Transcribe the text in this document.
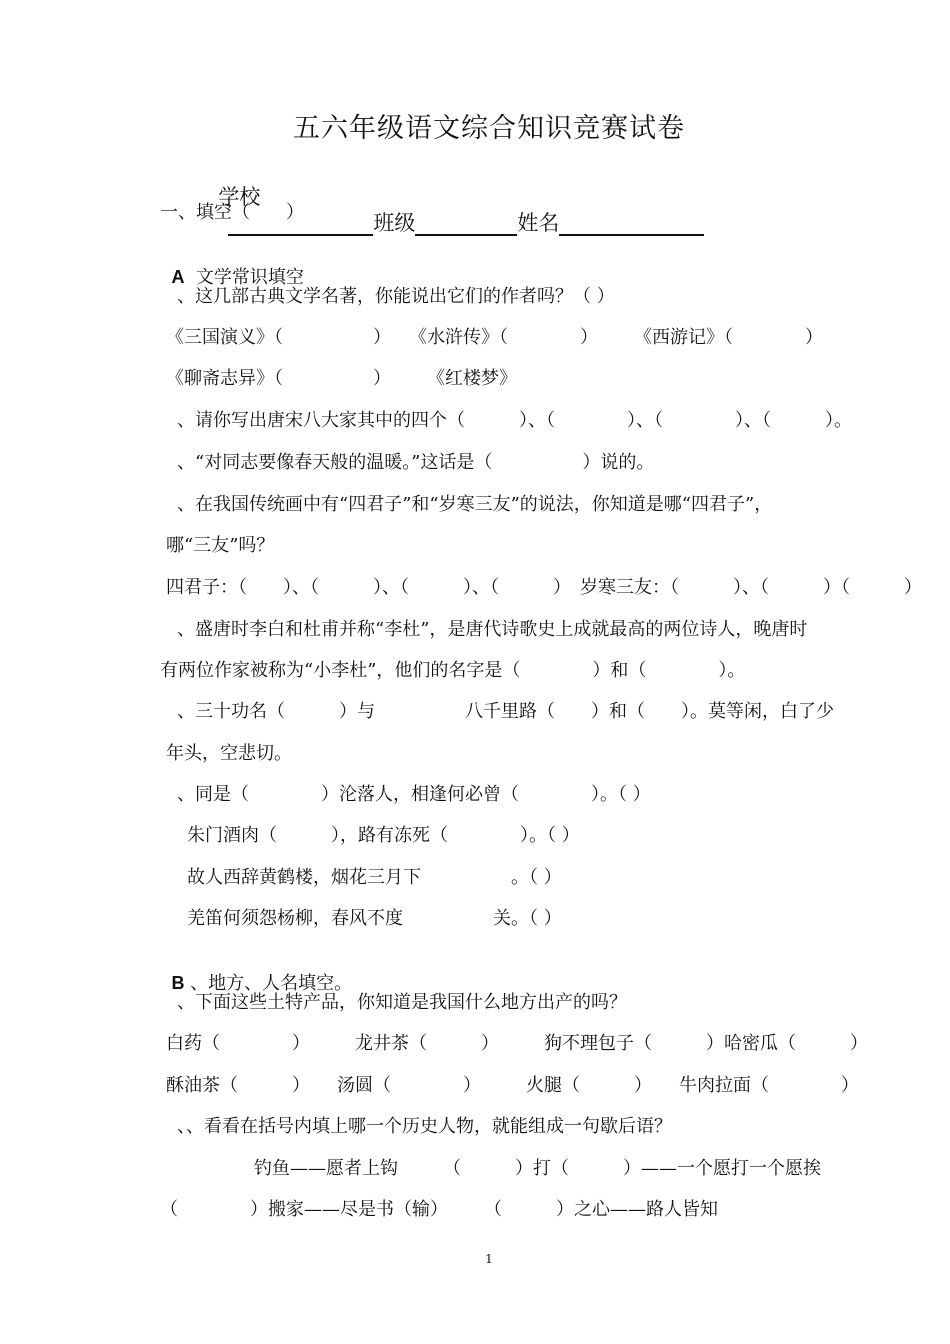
五六年级语文综合知识竞赛试卷

学校
班级	姓名

一、填空（　　）

A 文学常识填空

、这几部古典文学名著，你能说出它们的作者吗？（ ）
《三国演义》（　　　　　）　　《水浒传》（　　　　）　　　《西游记》（　　　　）
《聊斋志异》（　　　　　）　　　《红楼梦》
、请你写出唐宋八大家其中的四个（　　　）、（　　　　）、（　　　　）、（　　　）。
、“对同志要像春天般的温暖。”这话是（　　　　　）说的。
、在我国传统画中有“四君子”和“岁寒三友”的说法，你知道是哪“四君子”，
哪“三友”吗？
四君子：（　　）、（　　　）、（　　　）、（　　　）　岁寒三友：（　　　）、（　　　）（　　　）
、盛唐时李白和杜甫并称“李杜”，是唐代诗歌史上成就最高的两位诗人，晚唐时
有两位作家被称为“小李杜”，他们的名字是（　　　　）和（　　　　）。
、三十功名（　　　）与　　　　　八千里路（　　）和（　　）。莫等闲，白了少
年头，空悲切。
、同是（　　　　）沦落人，相逢何必曾（　　　　）。（ ）
朱门酒肉（　　　），路有冻死（　　　　）。（ ）
故人西辞黄鹤楼，烟花三月下　　　　　。（ ）
羌笛何须怨杨柳，春风不度　　　　　关。（ ）

B 、地方、人名填空。

、下面这些土特产品，你知道是我国什么地方出产的吗？
白药（　　　　）　　　龙井茶（　　　）　　　狗不理包子（　　　）哈密瓜（　　　）
酥油茶（　　　）　　汤圆（　　　　）　　　火腿（　　　）　　牛肉拉面（　　　　）
、、看看在括号内填上哪一个历史人物，就能组成一句歇后语？
钓鱼——愿者上钩　　　（　　　）打（　　　）——一个愿打一个愿挨
（　　　　）搬家——尽是书（输）　　　（　　　）之心——路人皆知
1
